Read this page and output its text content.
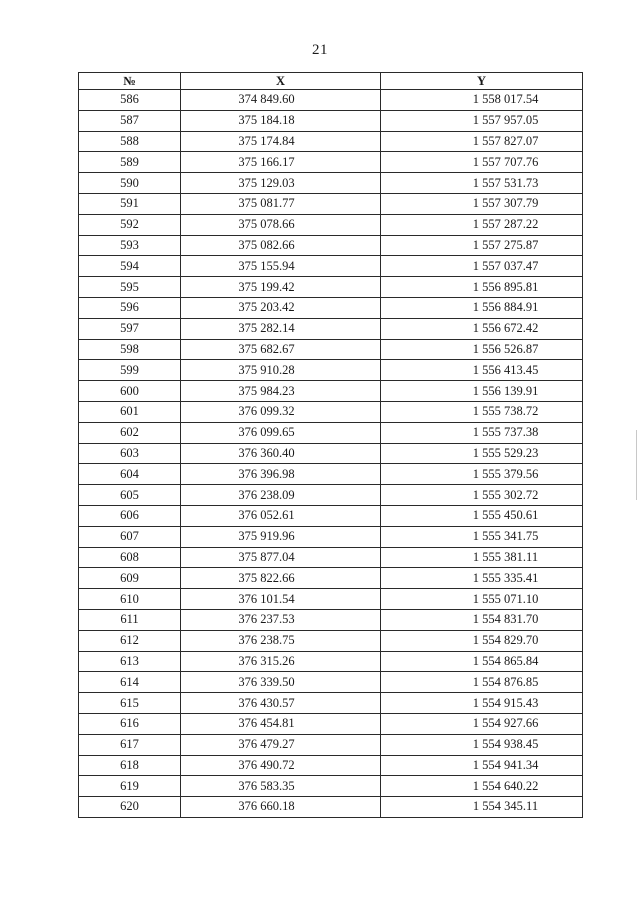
21
№	X	Y
586	374 849.60	1 558 017.54
587	375 184.18	1 557 957.05
588	375 174.84	1 557 827.07
589	375 166.17	1 557 707.76
590	375 129.03	1 557 531.73
591	375 081.77	1 557 307.79
592	375 078.66	1 557 287.22
593	375 082.66	1 557 275.87
594	375 155.94	1 557 037.47
595	375 199.42	1 556 895.81
596	375 203.42	1 556 884.91
597	375 282.14	1 556 672.42
598	375 682.67	1 556 526.87
599	375 910.28	1 556 413.45
600	375 984.23	1 556 139.91
601	376 099.32	1 555 738.72
602	376 099.65	1 555 737.38
603	376 360.40	1 555 529.23
604	376 396.98	1 555 379.56
605	376 238.09	1 555 302.72
606	376 052.61	1 555 450.61
607	375 919.96	1 555 341.75
608	375 877.04	1 555 381.11
609	375 822.66	1 555 335.41
610	376 101.54	1 555 071.10
611	376 237.53	1 554 831.70
612	376 238.75	1 554 829.70
613	376 315.26	1 554 865.84
614	376 339.50	1 554 876.85
615	376 430.57	1 554 915.43
616	376 454.81	1 554 927.66
617	376 479.27	1 554 938.45
618	376 490.72	1 554 941.34
619	376 583.35	1 554 640.22
620	376 660.18	1 554 345.11
